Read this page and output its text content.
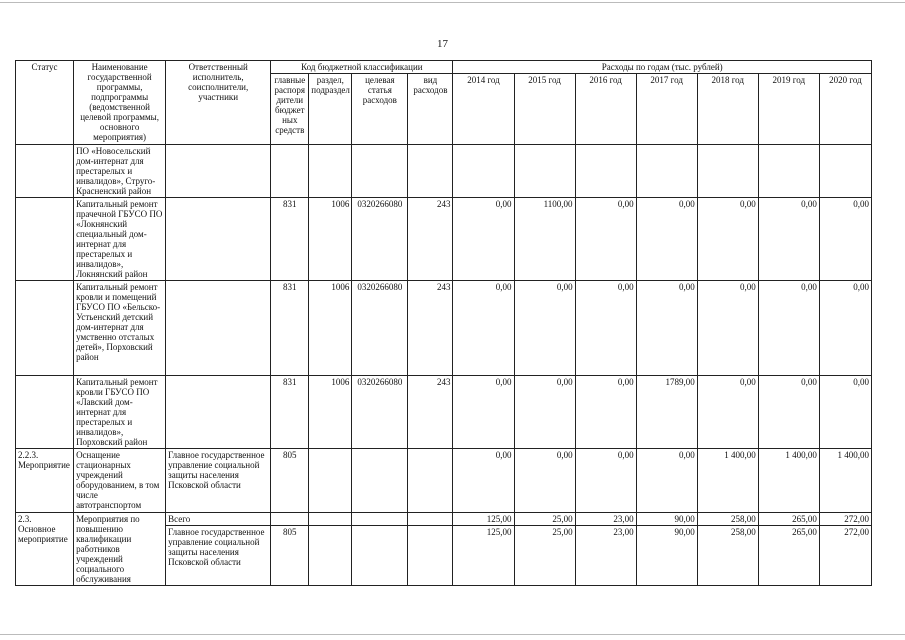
17
Статус	Наименование государственной программы, подпрограммы (ведомственной целевой программы, основного мероприятия)	Ответственный исполнитель, соисполнители, участники	Код бюджетной классификации				Расходы по годам (тыс. рублей)						
			главные распоря дители бюджет ных средств	раздел, подраздел	целевая статья расходов	вид расходов	2014 год	2015 год	2016 год	2017 год	2018 год	2019 год	2020 год
	ПО «Новосельский дом-интернат для престарелых и инвалидов», Струго-Красненский район												
	Капитальный ремонт прачечной ГБУСО ПО «Локнянский специальный дом-интернат для престарелых и инвалидов», Локнянский район		831	1006	0320266080	243	0,00	1100,00	0,00	0,00	0,00	0,00	0,00
	Капитальный ремонт кровли и помещений ГБУСО ПО «Бельско-Устьенский детский дом-интернат для умственно отсталых детей», Порховский район		831	1006	0320266080	243	0,00	0,00	0,00	0,00	0,00	0,00	0,00
	Капитальный ремонт кровли ГБУСО ПО «Лавский дом-интернат для престарелых и инвалидов», Порховский район		831	1006	0320266080	243	0,00	0,00	0,00	1789,00	0,00	0,00	0,00
2.2.3. Мероприятие	Оснащение стационарных учреждений оборудованием, в том числе автотранспортом	Главное государственное управление социальной защиты населения Псковской области	805				0,00	0,00	0,00	0,00	1 400,00	1 400,00	1 400,00
2.3. Основное мероприятие	Мероприятия по повышению квалификации работников учреждений социального обслуживания	Всего					125,00	25,00	23,00	90,00	258,00	265,00	272,00
		Главное государственное управление социальной защиты населения Псковской области	805				125,00	25,00	23,00	90,00	258,00	265,00	272,00
